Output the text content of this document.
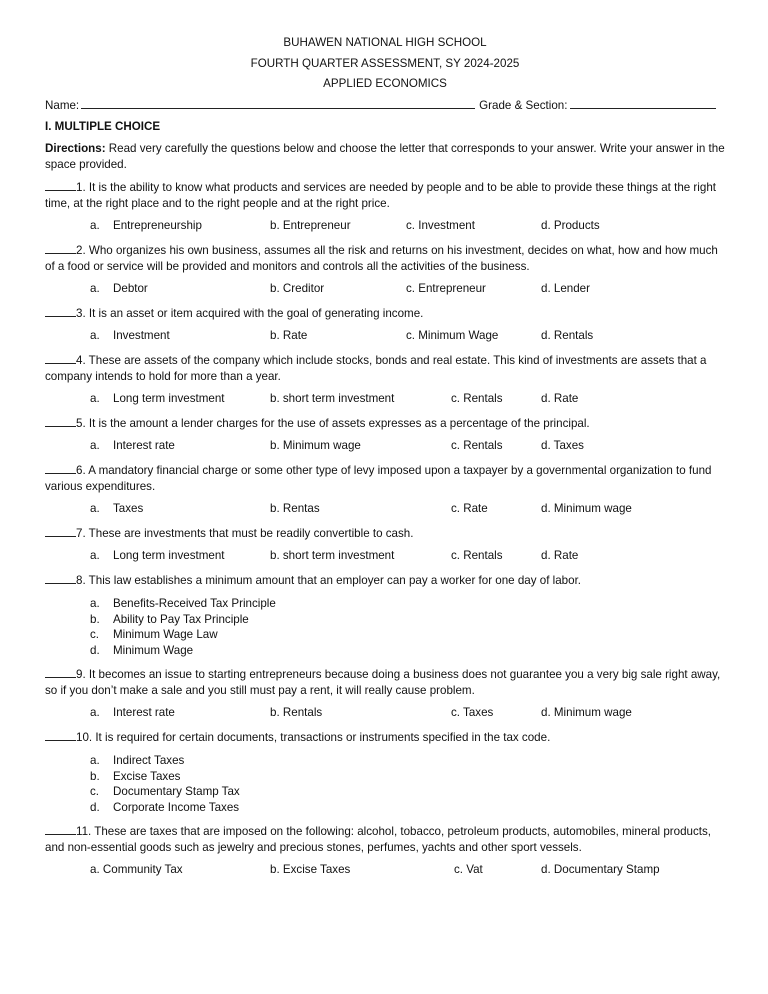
BUHAWEN NATIONAL HIGH SCHOOL

FOURTH QUARTER ASSESSMENT, SY 2024-2025

APPLIED ECONOMICS

Name:	Grade & Section:

I. MULTIPLE CHOICE

Directions: Read very carefully the questions below and choose the letter that corresponds to your answer. Write your answer in the space provided.

1. It is the ability to know what products and services are needed by people and to be able to provide these things at the right time, at the right place and to the right people and at the right price.

a. Entrepreneurship	b. Entrepreneur	c. Investment	d. Products

2. Who organizes his own business, assumes all the risk and returns on his investment, decides on what, how and how much of a food or service will be provided and monitors and controls all the activities of the business.

a. Debtor	b. Creditor	c. Entrepreneur	d. Lender

3. It is an asset or item acquired with the goal of generating income.

a. Investment	b. Rate	c. Minimum Wage	d. Rentals

4. These are assets of the company which include stocks, bonds and real estate. This kind of investments are assets that a company intends to hold for more than a year.

a. Long term investment	b. short term investment	c. Rentals	d. Rate

5. It is the amount a lender charges for the use of assets expresses as a percentage of the principal.

a. Interest rate	b. Minimum wage	c. Rentals	d. Taxes

6. A mandatory financial charge or some other type of levy imposed upon a taxpayer by a governmental organization to fund various expenditures.

a. Taxes	b. Rentas	c. Rate	d. Minimum wage

7. These are investments that must be readily convertible to cash.

a. Long term investment	b. short term investment	c. Rentals	d. Rate

8. This law establishes a minimum amount that an employer can pay a worker for one day of labor.

a. Benefits-Received Tax Principle
b. Ability to Pay Tax Principle
c. Minimum Wage Law
d. Minimum Wage

9. It becomes an issue to starting entrepreneurs because doing a business does not guarantee you a very big sale right away, so if you don’t make a sale and you still must pay a rent, it will really cause problem.

a. Interest rate	b. Rentals	c. Taxes	d. Minimum wage

10. It is required for certain documents, transactions or instruments specified in the tax code.

a. Indirect Taxes
b. Excise Taxes
c. Documentary Stamp Tax
d. Corporate Income Taxes

11. These are taxes that are imposed on the following: alcohol, tobacco, petroleum products, automobiles, mineral products, and non-essential goods such as jewelry and precious stones, perfumes, yachts and other sport vessels.

a. Community Tax	b. Excise Taxes	c. Vat	d. Documentary Stamp
